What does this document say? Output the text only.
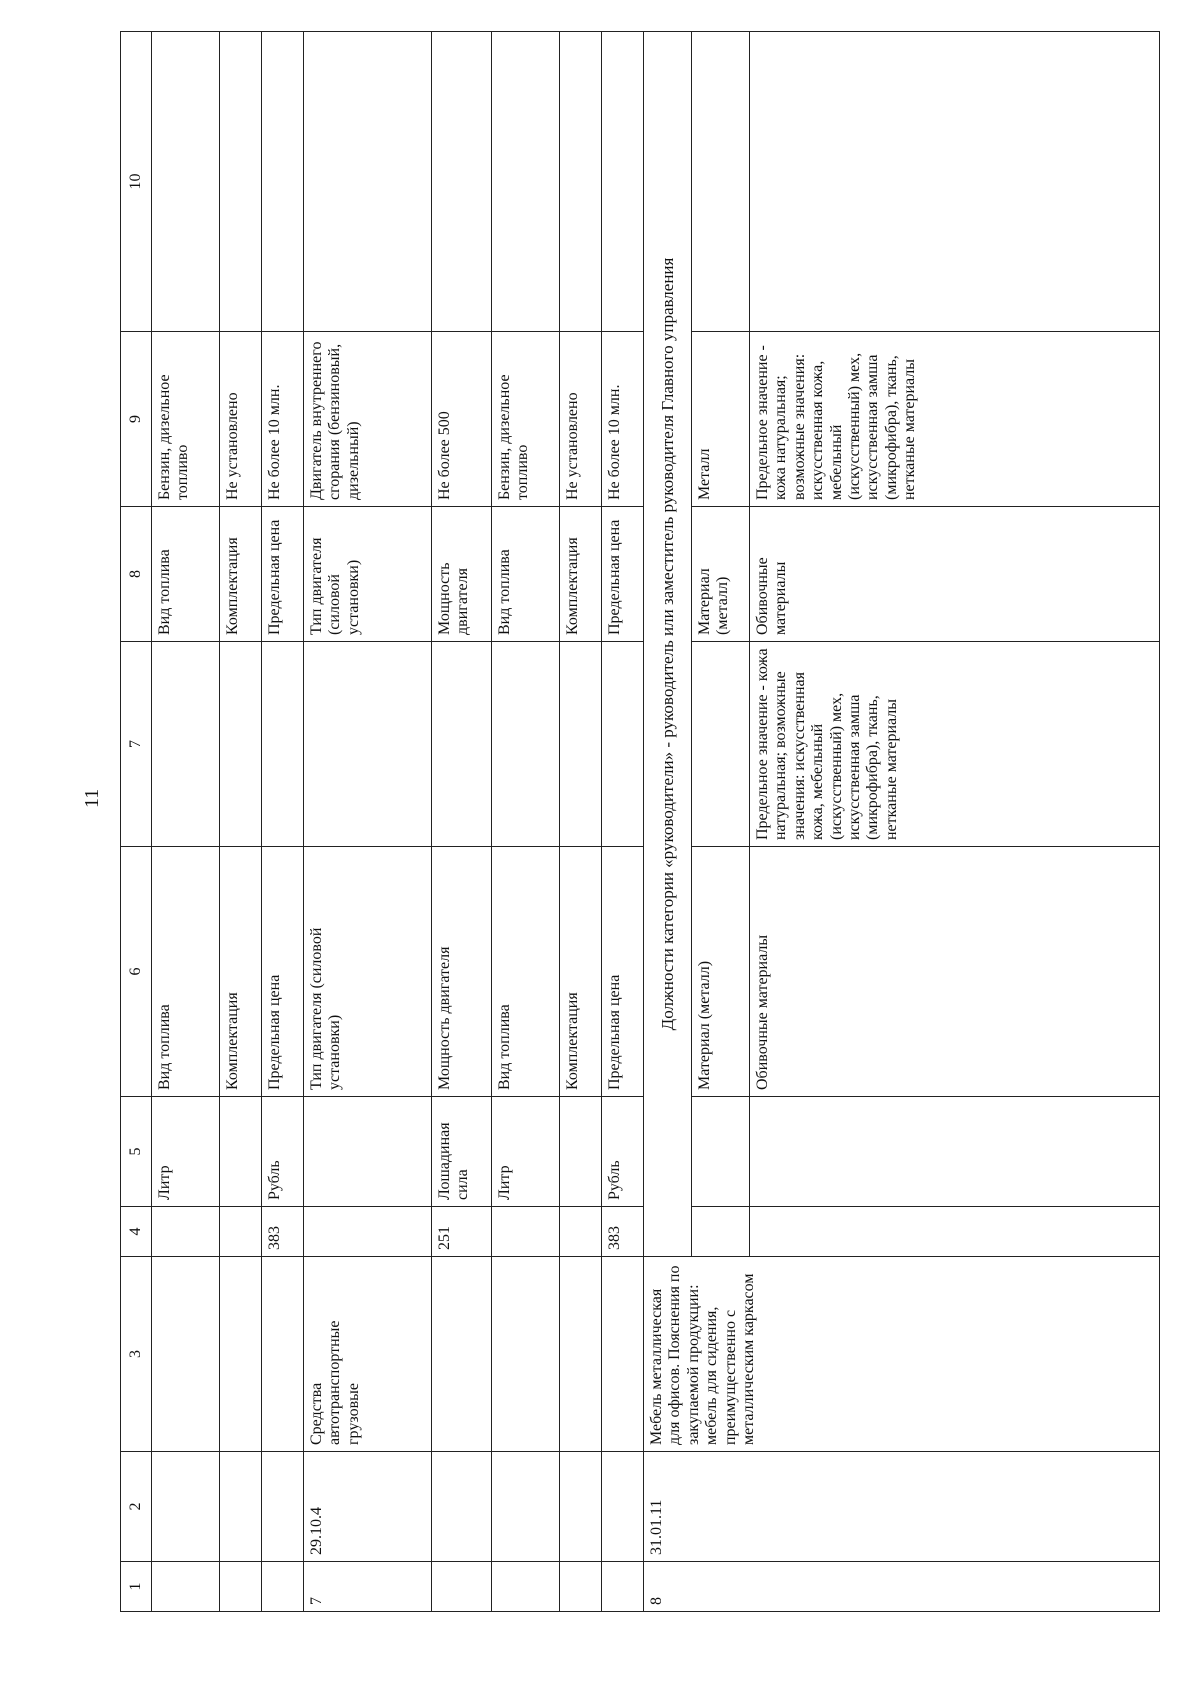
11
1	2	3	4	5	6	7	8	9	10
				Литр	Вид топлива		Вид топлива	Бензин, дизельное топливо	
					Комплектация		Комплектация	Не установлено	
			383	Рубль	Предельная цена		Предельная цена	Не более 10 млн.	
7	29.10.4	Средства автотранспортные грузовые			Тип двигателя (силовой установки)		Тип двигателя (силовой установки)	Двигатель внутреннего сгорания (бензиновый, дизельный)	
			251	Лошадиная сила	Мощность двигателя		Мощность двигателя	Не более 500	
				Литр	Вид топлива		Вид топлива	Бензин, дизельное топливо	
					Комплектация		Комплектация	Не установлено	
			383	Рубль	Предельная цена		Предельная цена	Не более 10 млн.	
8	31.01.11	Мебель металлическая для офисов. Пояснения по закупаемой продукции: мебель для сидения, преимущественно с металлическим каркасом	Должности категории «руководители» - руководитель или заместитель руководителя Главного управления						
					Материал (металл)		Материал (металл)	Металл	
					Обивочные материалы	Предельное значение - кожа натуральная; возможные значения: искусственная кожа, мебельный (искусственный) мех, искусственная замша (микрофибра), ткань, нетканые материалы	Обивочные материалы	Предельное значение - кожа натуральная; возможные значения: искусственная кожа, мебельный (искусственный) мех, искусственная замша (микрофибра), ткань, нетканые материалы	
